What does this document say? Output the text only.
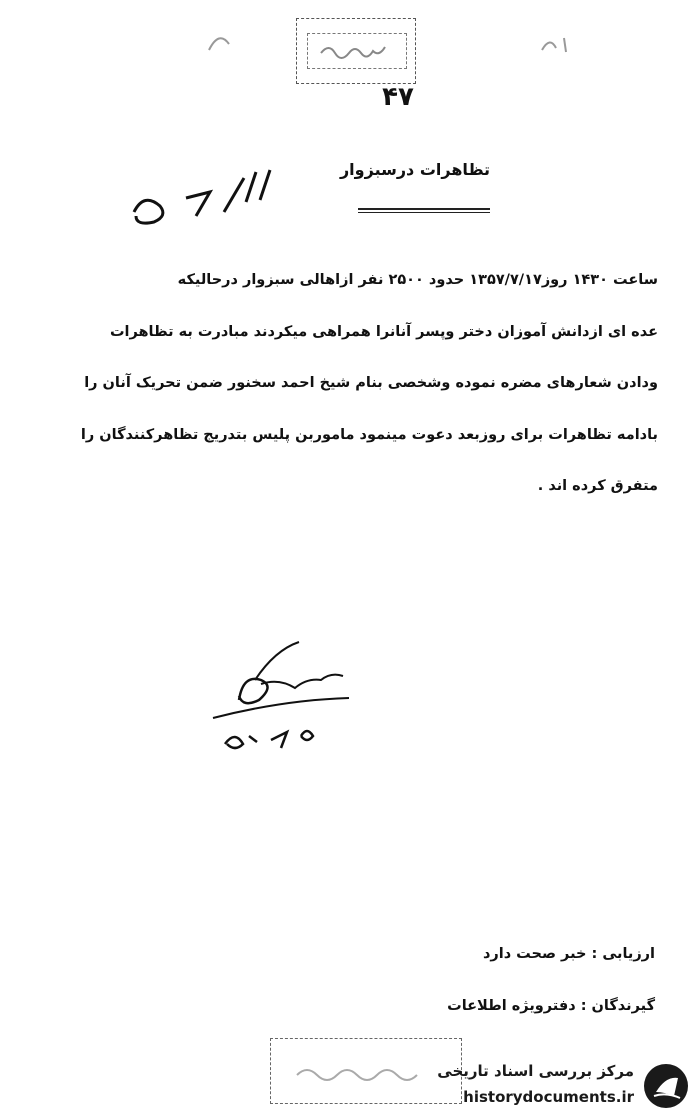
۴۷
تظاهرات درسبزوار

ساعت ۱۴۳۰ روز۱۳۵۷/۷/۱۷ حدود ۲۵۰۰ نفر ازاهالی سبزوار درحالیکه

عده ای ازدانش آموزان دختر وپسر آنانرا همراهی میکردند مبادرت به تظاهرات

ودادن شعارهای مضره نموده وشخصی بنام شیخ احمد سخنور ضمن تحریک آنان را

بادامه تظاهرات برای روزبعد دعوت مینمود ماموربن پلیس بتدریج تظاهرکنندگان را

متفرق کرده اند .

ارزیابی : خبر صحت دارد
گیرندگان : دفترویژه اطلاعات
مرکز بررسی اسناد تاریخی
historydocuments.ir
